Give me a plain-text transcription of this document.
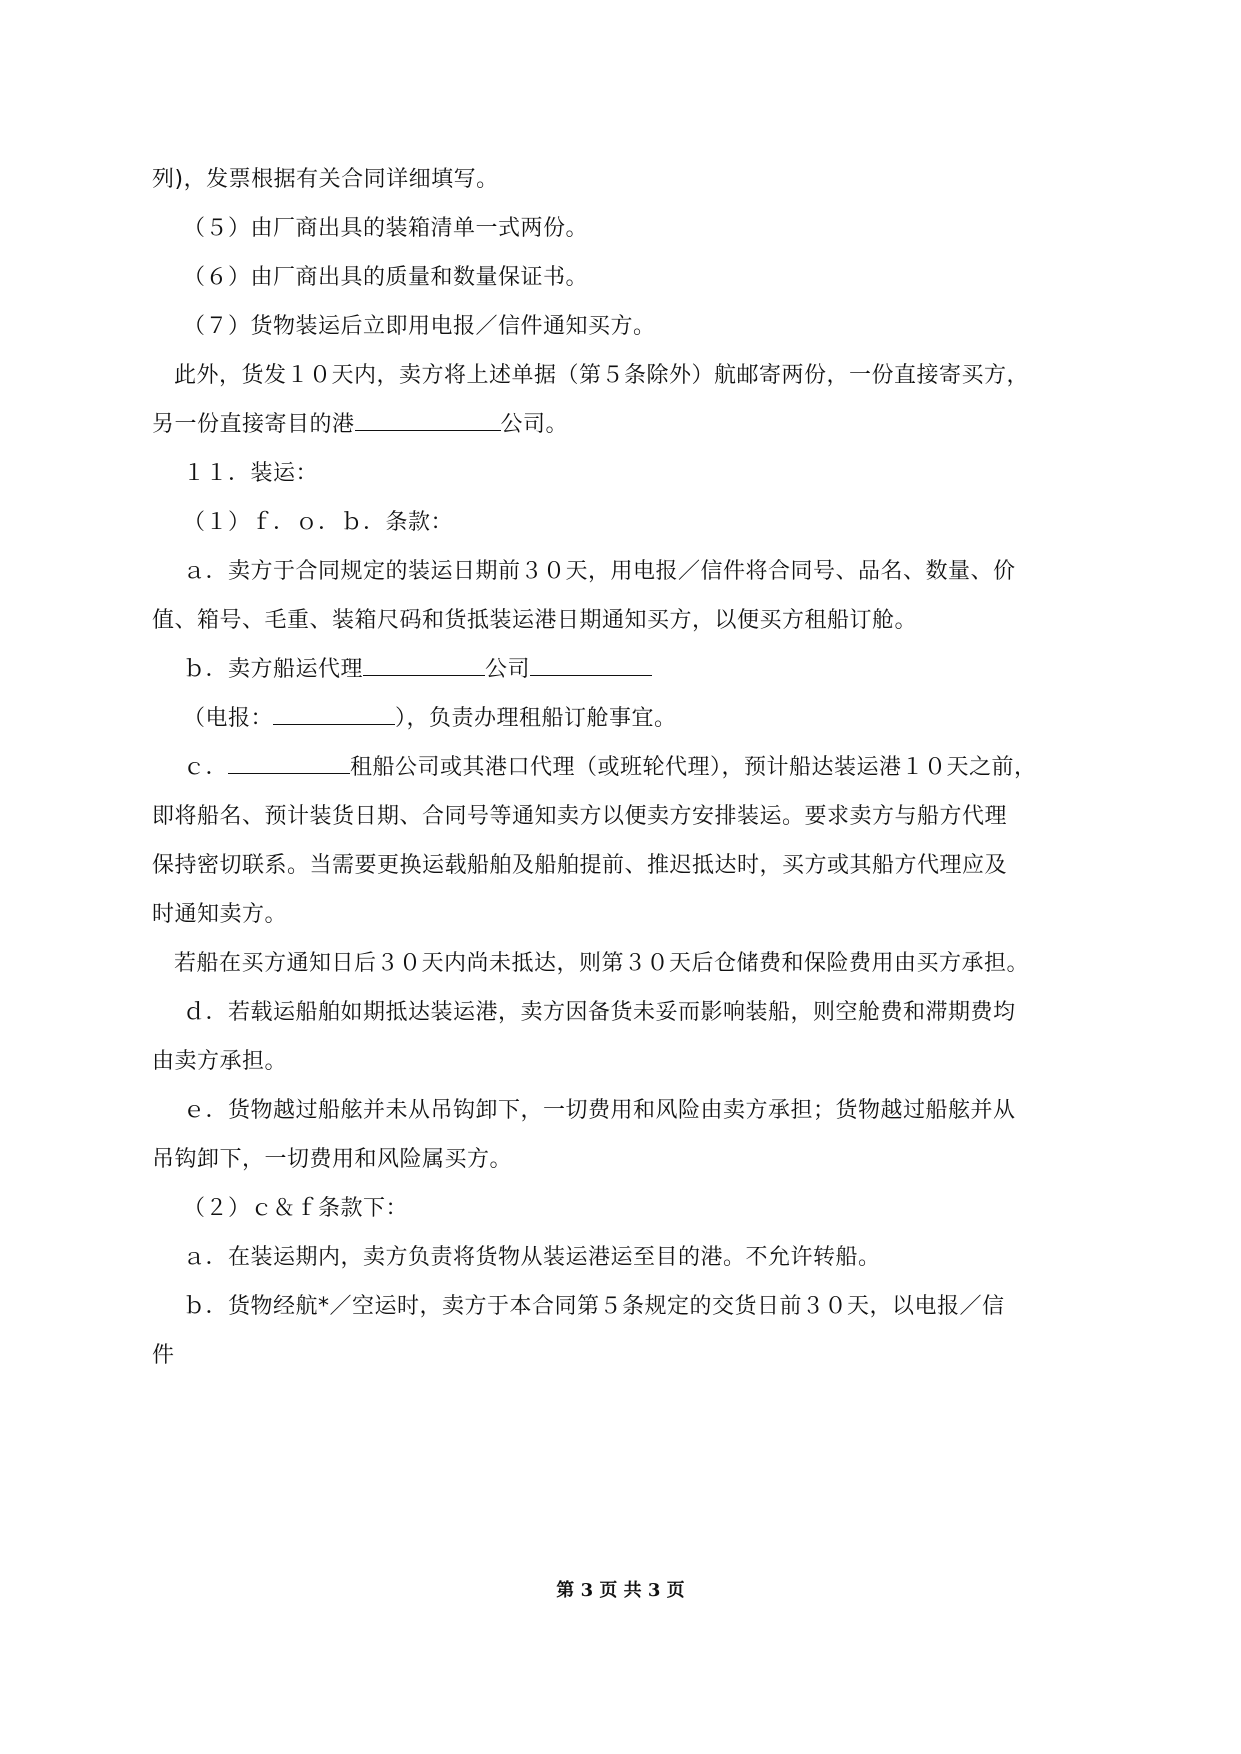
列)，发票根据有关合同详细填写。

（５）由厂商出具的装箱清单一式两份。

（６）由厂商出具的质量和数量保证书。

（７）货物装运后立即用电报／信件通知买方。

此外，货发１０天内，卖方将上述单据（第５条除外）航邮寄两份，一份直接寄买方，

另一份直接寄目的港	公司。

１１．装运：

（１）ｆ．ｏ．ｂ．条款：

ａ．卖方于合同规定的装运日期前３０天，用电报／信件将合同号、品名、数量、价

值、箱号、毛重、装箱尺码和货抵装运港日期通知买方，以便买方租船订舱。

ｂ．卖方船运代理	公司

（电报：	），负责办理租船订舱事宜。

ｃ．	租船公司或其港口代理（或班轮代理），预计船达装运港１０天之前，

即将船名、预计装货日期、合同号等通知卖方以便卖方安排装运。要求卖方与船方代理

保持密切联系。当需要更换运载船舶及船舶提前、推迟抵达时，买方或其船方代理应及

时通知卖方。

若船在买方通知日后３０天内尚未抵达，则第３０天后仓储费和保险费用由买方承担。

ｄ．若载运船舶如期抵达装运港，卖方因备货未妥而影响装船，则空舱费和滞期费均

由卖方承担。

ｅ．货物越过船舷并未从吊钩卸下，一切费用和风险由卖方承担；货物越过船舷并从

吊钩卸下，一切费用和风险属买方。

（２）ｃ＆ｆ条款下：

ａ．在装运期内，卖方负责将货物从装运港运至目的港。不允许转船。

ｂ．货物经航*／空运时，卖方于本合同第５条规定的交货日前３０天，以电报／信

件

第 3 页 共 3 页
